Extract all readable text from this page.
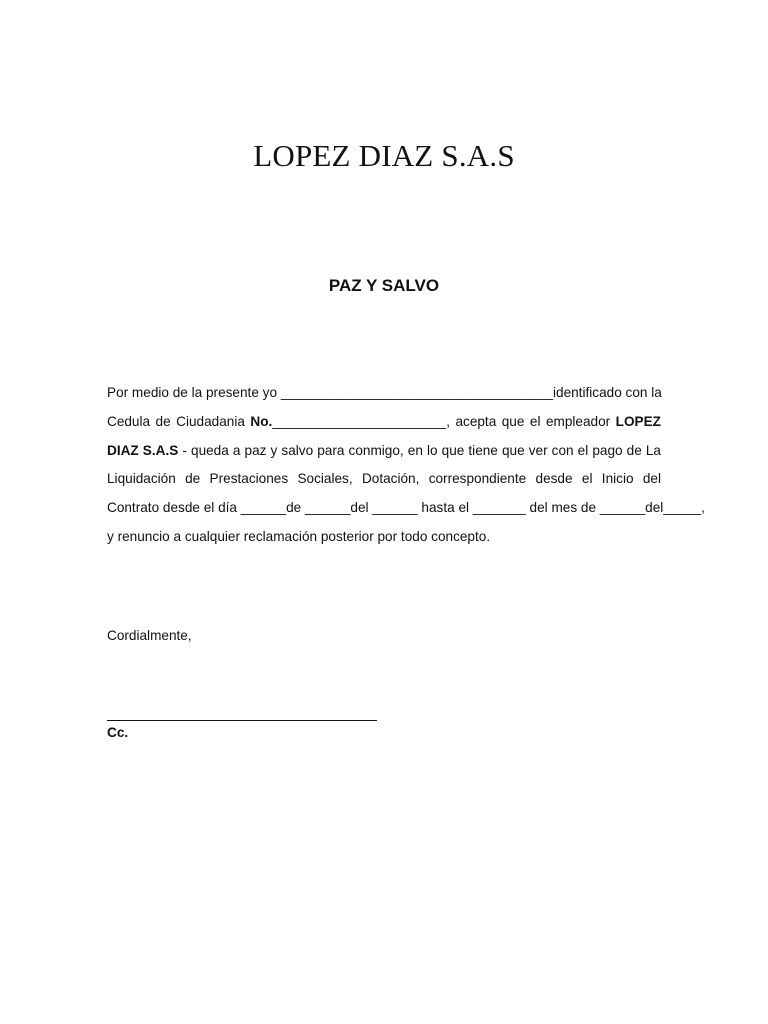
LOPEZ DIAZ S.A.S
PAZ Y SALVO
Por medio de la presente yo ____________________________________identificado con la
Cedula de Ciudadania No._______________________, acepta que el empleador LOPEZ
DIAZ S.A.S - queda a paz y salvo para conmigo, en lo que tiene que ver con el pago de La
Liquidación de Prestaciones Sociales, Dotación, correspondiente desde el Inicio del
Contrato desde el día ______de ______del ______ hasta el _______ del mes de ______del_____,
y renuncio a cualquier reclamación posterior por todo concepto.
Cordialmente,
Cc.
